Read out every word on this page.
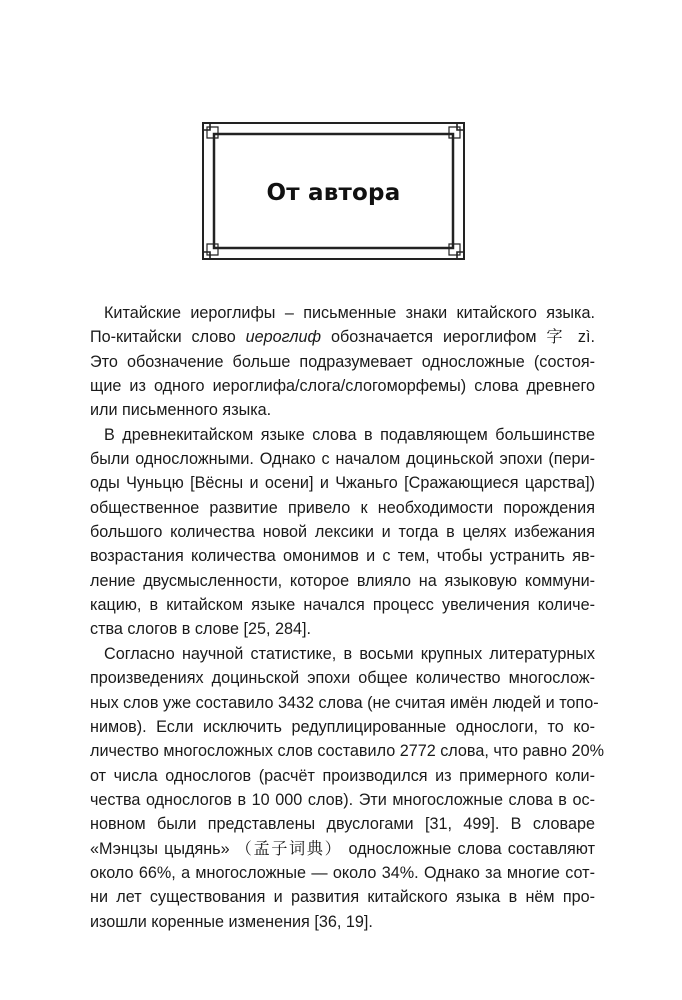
От автора
Китайские иероглифы – письменные знаки китайского языка.
По-китайски слово иероглиф обозначается иероглифом 字 zì.
Это обозначение больше подразумевает односложные (состоя-
щие из одного иероглифа/слога/слогоморфемы) слова древнего
или письменного языка.
В древнекитайском языке слова в подавляющем большинстве
были односложными. Однако с началом доциньской эпохи (пери-
оды Чуньцю [Вёсны и осени] и Чжаньго [Сражающиеся царства])
общественное развитие привело к необходимости порождения
большого количества новой лексики и тогда в целях избежания
возрастания количества омонимов и с тем, чтобы устранить яв-
ление двусмысленности, которое влияло на языковую коммуни-
кацию, в китайском языке начался процесс увеличения количе-
ства слогов в слове [25, 284].
Согласно научной статистике, в восьми крупных литературных
произведениях доциньской эпохи общее количество многослож-
ных слов уже составило 3432 слова (не считая имён людей и топо-
нимов). Если исключить редуплицированные однослоги, то ко-
личество многосложных слов составило 2772 слова, что равно 20%
от числа однослогов (расчёт производился из примерного коли-
чества однослогов в 10 000 слов). Эти многосложные слова в ос-
новном были представлены двуслогами [31, 499]. В словаре
«Мэнцзы цыдянь» （孟子词典） односложные слова составляют
около 66%, а многосложные — около 34%. Однако за многие сот-
ни лет существования и развития китайского языка в нём про-
изошли коренные изменения [36, 19].
